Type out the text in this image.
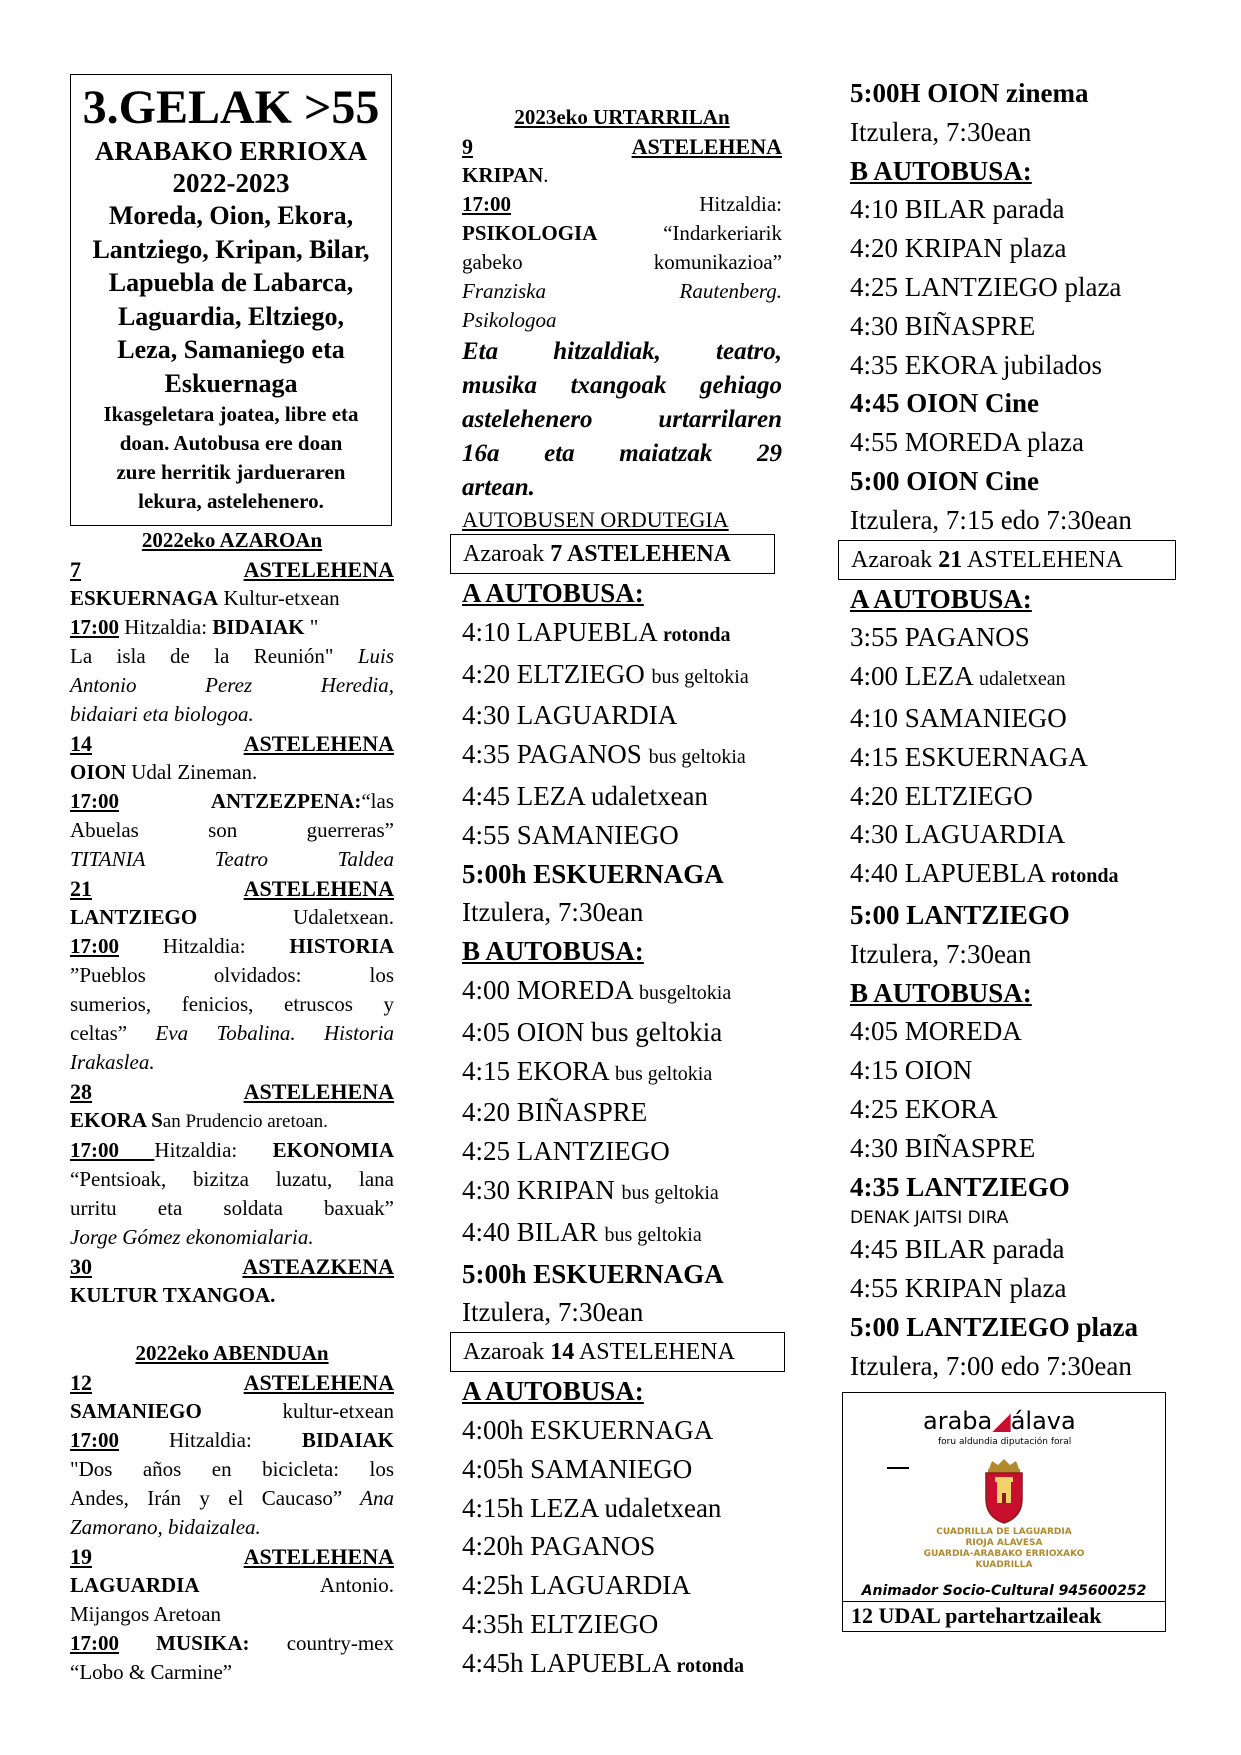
3.GELAK >55
ARABAKO ERRIOXA
2022-2023
Moreda, Oion, Ekora,
Lantziego, Kripan, Bilar,
Lapuebla de Labarca,
Laguardia, Eltziego,
Leza, Samaniego eta
Eskuernaga
Ikasgeletara joatea, libre eta
doan. Autobusa ere doan
zure herritik jardueraren
lekura, astelehenero.
2022eko AZAROAn
7	ASTELEHENA
ESKUERNAGA Kultur-etxean
17:00 Hitzaldia: BIDAIAK "
La isla de la Reunión" Luis
Antonio Perez Heredia,
bidaiari eta biologoa.
14	ASTELEHENA
OION Udal Zineman.
17:00 ANTZEZPENA:“las
Abuelas son guerreras”
TITANIA Teatro Taldea
21	ASTELEHENA
LANTZIEGO	Udaletxean.
17:00 Hitzaldia: HISTORIA
”Pueblos olvidados: los
sumerios, fenicios, etruscos y
celtas” Eva Tobalina. Historia
Irakaslea.
28	ASTELEHENA
EKORA San Prudencio aretoan.
17:00 Hitzaldia: EKONOMIA
“Pentsioak, bizitza luzatu, lana
urritu eta soldata baxuak”
Jorge Gómez ekonomialaria.
30	ASTEAZKENA
KULTUR TXANGOA.
2022eko ABENDUAn
12	ASTELEHENA
SAMANIEGO	kultur-etxean
17:00 Hitzaldia: BIDAIAK
"Dos años en bicicleta: los
Andes, Irán y el Caucaso” Ana
Zamorano, bidaizalea.
19	ASTELEHENA
LAGUARDIA	Antonio.
Mijangos Aretoan
17:00 MUSIKA: country-mex
“Lobo & Carmine”
2023eko URTARRILAn
9	ASTELEHENA
KRIPAN.
17:00	Hitzaldia:
PSIKOLOGIA	“Indarkeriarik
gabeko komunikazioa”
Franziska Rautenberg.
Psikologoa
Eta hitzaldiak, teatro,
musika txangoak gehiago
astelehenero urtarrilaren
16a eta maiatzak 29
artean.
AUTOBUSEN ORDUTEGIA
Azaroak 7 ASTELEHENA
A AUTOBUSA:
4:10 LAPUEBLA rotonda
4:20 ELTZIEGO bus geltokia
4:30 LAGUARDIA
4:35 PAGANOS bus geltokia
4:45 LEZA udaletxean
4:55 SAMANIEGO
5:00h ESKUERNAGA
Itzulera, 7:30ean
B AUTOBUSA:
4:00 MOREDA busgeltokia
4:05 OION bus geltokia
4:15 EKORA bus geltokia
4:20 BIÑASPRE
4:25 LANTZIEGO
4:30 KRIPAN bus geltokia
4:40 BILAR bus geltokia
5:00h ESKUERNAGA
Itzulera, 7:30ean
Azaroak 14 ASTELEHENA
A AUTOBUSA:
4:00h ESKUERNAGA
4:05h SAMANIEGO
4:15h LEZA udaletxean
4:20h PAGANOS
4:25h LAGUARDIA
4:35h ELTZIEGO
4:45h LAPUEBLA rotonda
5:00H OION zinema
Itzulera, 7:30ean
B AUTOBUSA:
4:10 BILAR parada
4:20 KRIPAN plaza
4:25 LANTZIEGO plaza
4:30 BIÑASPRE
4:35 EKORA jubilados
4:45 OION Cine
4:55 MOREDA plaza
5:00 OION Cine
Itzulera, 7:15 edo 7:30ean
Azaroak 21 ASTELEHENA
A AUTOBUSA:
3:55 PAGANOS
4:00 LEZA udaletxean
4:10 SAMANIEGO
4:15 ESKUERNAGA
4:20 ELTZIEGO
4:30 LAGUARDIA
4:40 LAPUEBLA rotonda
5:00 LANTZIEGO
Itzulera, 7:30ean
B AUTOBUSA:
4:05 MOREDA
4:15 OION
4:25 EKORA
4:30 BIÑASPRE
4:35 LANTZIEGO
DENAK JAITSI DIRA
4:45 BILAR parada
4:55 KRIPAN plaza
5:00 LANTZIEGO plaza
Itzulera, 7:00 edo 7:30ean
araba◢álava
foru aldundia diputación foral
CUADRILLA DE LAGUARDIA
RIOJA ALAVESA
GUARDIA-ARABAKO ERRIOXAKO
KUADRILLA
Animador Socio-Cultural 945600252
12 UDAL partehartzaileak
